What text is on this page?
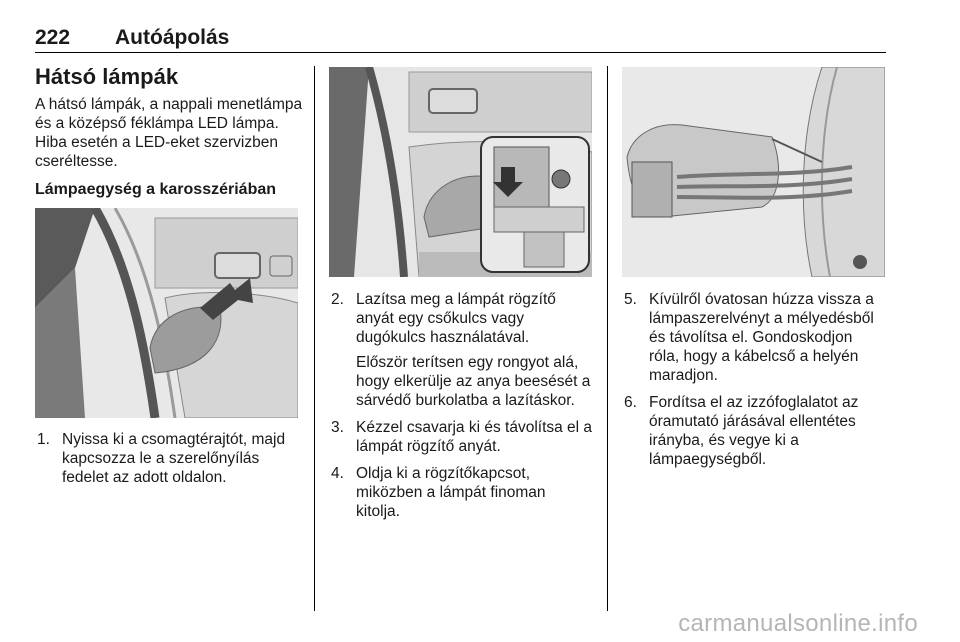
222 Autóápolás
Hátsó lámpák
A hátsó lámpák, a nappali menetlámpa és a középső féklámpa LED lámpa. Hiba esetén a LED-eket szervizben cseréltesse.
Lámpaegység a karosszériában
1. Nyissa ki a csomagtérajtót, majd kapcsozza le a szerelőnyílás fedelet az adott oldalon.
2. Lazítsa meg a lámpát rögzítő anyát egy csőkulcs vagy dugókulcs használatával.
Először terítsen egy rongyot alá, hogy elkerülje az anya beesését a sárvédő burkolatba a lazításkor.
3. Kézzel csavarja ki és távolítsa el a lámpát rögzítő anyát.
4. Oldja ki a rögzítőkapcsot, miközben a lámpát finoman kitolja.
5. Kívülről óvatosan húzza vissza a lámpaszerelvényt a mélyedésből és távolítsa el. Gondoskodjon róla, hogy a kábelcső a helyén maradjon.
6. Fordítsa el az izzófoglalatot az óramutató járásával ellentétes irányba, és vegye ki a lámpaegységből.
carmanualsonline.info
